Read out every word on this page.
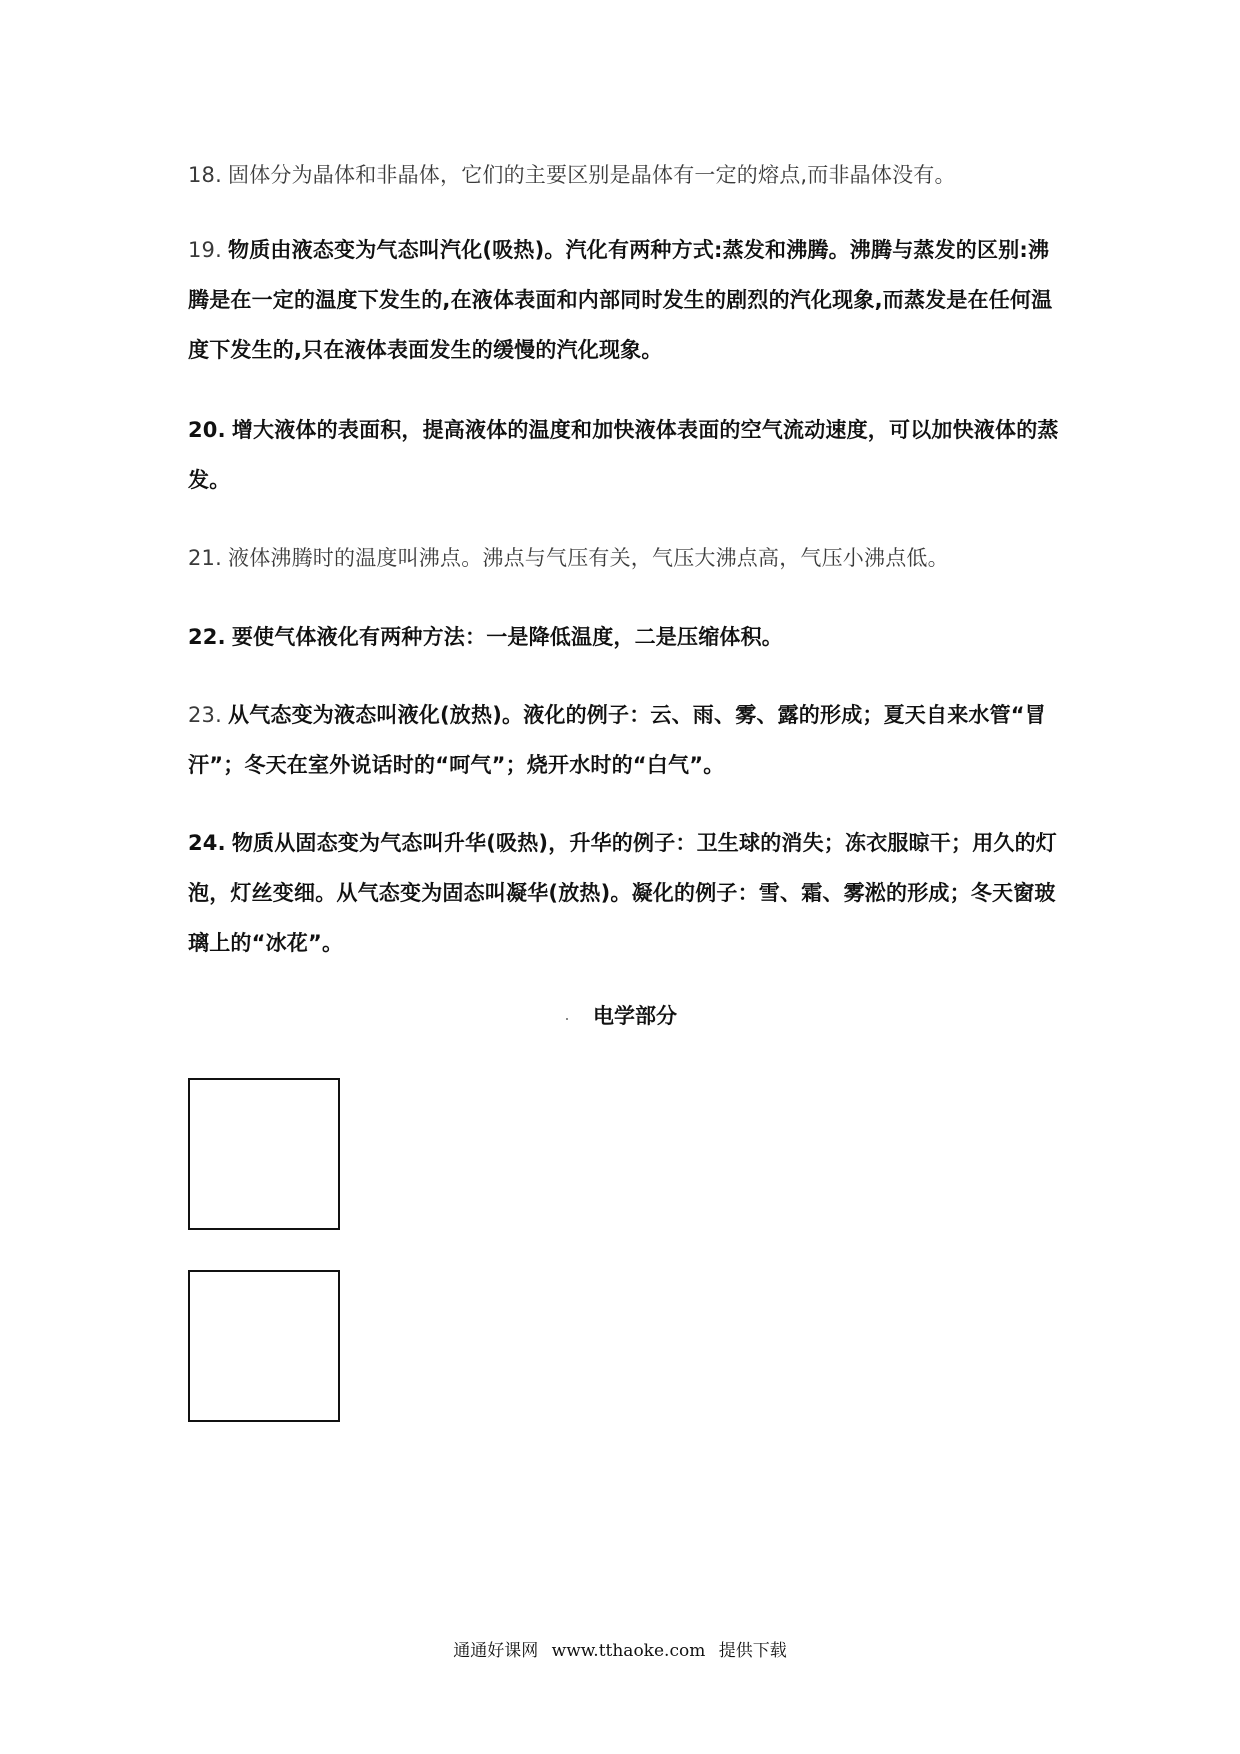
18. 固体分为晶体和非晶体，它们的主要区别是晶体有一定的熔点,而非晶体没有。
19. 物质由液态变为气态叫汽化(吸热)。汽化有两种方式:蒸发和沸腾。沸腾与蒸发的区别:沸腾是在一定的温度下发生的,在液体表面和内部同时发生的剧烈的汽化现象,而蒸发是在任何温度下发生的,只在液体表面发生的缓慢的汽化现象。
20. 增大液体的表面积，提高液体的温度和加快液体表面的空气流动速度，可以加快液体的蒸发。
21. 液体沸腾时的温度叫沸点。沸点与气压有关，气压大沸点高，气压小沸点低。
22. 要使气体液化有两种方法：一是降低温度，二是压缩体积。
23. 从气态变为液态叫液化(放热)。液化的例子：云、雨、雾、露的形成；夏天自来水管“冒汗”；冬天在室外说话时的“呵气”；烧开水时的“白气”。
24. 物质从固态变为气态叫升华(吸热)，升华的例子：卫生球的消失；冻衣服晾干；用久的灯泡，灯丝变细。从气态变为固态叫凝华(放热)。凝化的例子：雪、霜、雾淞的形成；冬天窗玻璃上的“冰花”。
电学部分
通通好课网 www.tthaoke.com 提供下载
